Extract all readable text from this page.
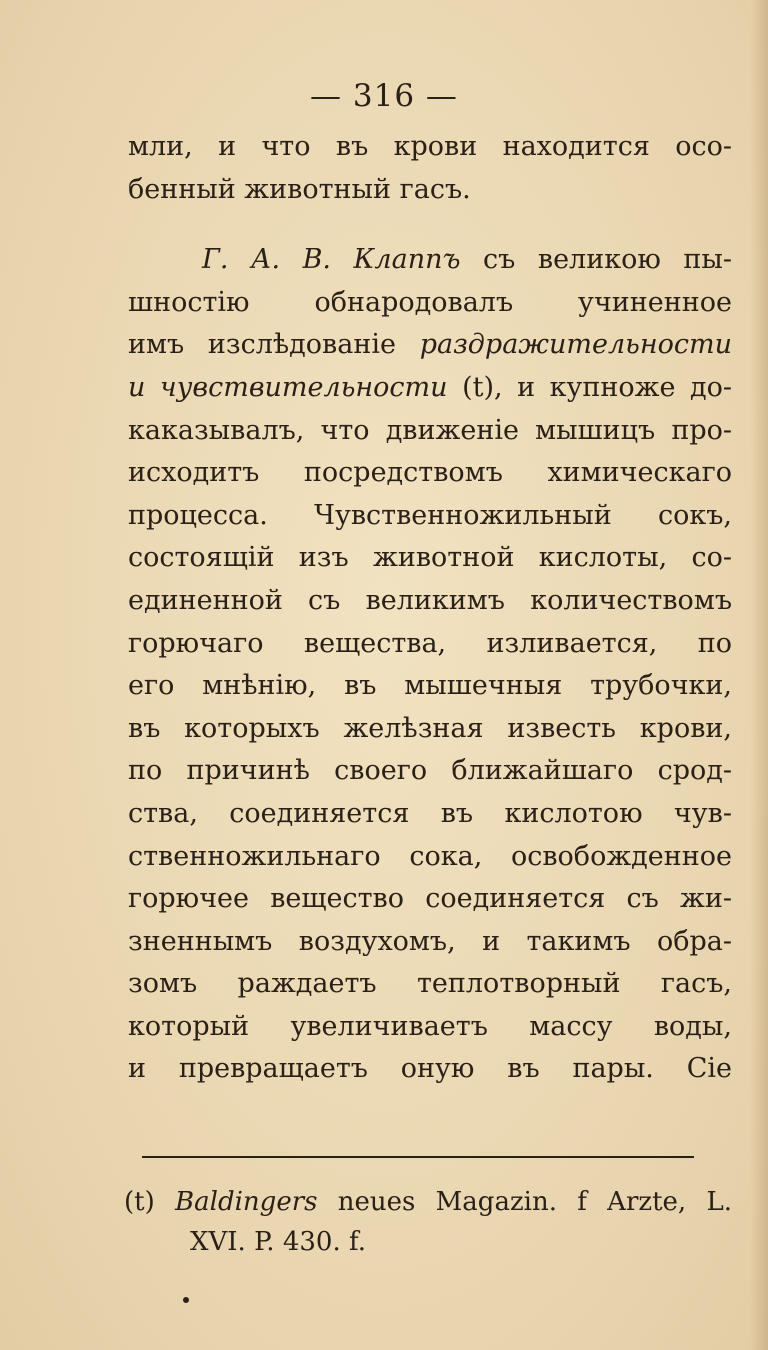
— 316 —
мли, и что въ крови находится осо-
бенный животный гасъ.
Г. А. В. Клаппъ съ великою пы-
шностію обнародовалъ учиненное
имъ изслѣдованіе раздражительности
и чувствительности (t), и купноже до-
каказывалъ, что движеніе мышицъ про-
исходитъ посредствомъ химическаго
процесса. Чувственножильный сокъ,
состоящій изъ животной кислоты, со-
единенной съ великимъ количествомъ
горючаго вещества, изливается, по
его мнѣнію, въ мышечныя трубочки,
въ которыхъ желѣзная известь крови,
по причинѣ своего ближайшаго срод-
ства, соединяется въ кислотою чув-
ственножильнаго сока, освобожденное
горючее вещество соединяется съ жи-
зненнымъ воздухомъ, и такимъ обра-
зомъ раждаетъ теплотворный гасъ,
который увеличиваетъ массу воды,
и превращаетъ оную въ пары. Сіе
(t) Baldingers neues Magazin. f Arzte, L.
XVI. P. 430. f.
